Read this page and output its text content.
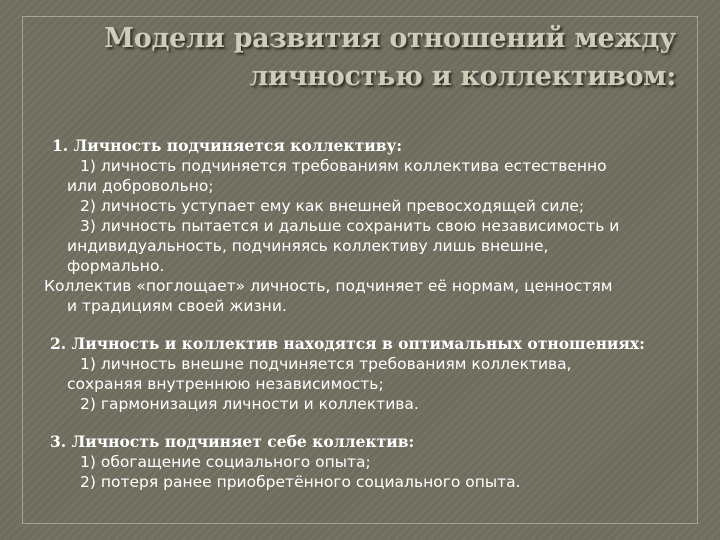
Модели развития отношений между
личностью и коллективом:
1. Личность подчиняется коллективу:
1) личность подчиняется требованиям коллектива естественно
или добровольно;
2) личность уступает ему как внешней превосходящей силе;
3) личность пытается и дальше сохранить свою независимость и
индивидуальность, подчиняясь коллективу лишь внешне,
формально.
Коллектив «поглощает» личность, подчиняет её нормам, ценностям
и традициям своей жизни.
2. Личность и коллектив находятся в оптимальных отношениях:
1) личность внешне подчиняется требованиям коллектива,
сохраняя внутреннюю независимость;
2) гармонизация личности и коллектива.
3. Личность подчиняет себе коллектив:
1) обогащение социального опыта;
2) потеря ранее приобретённого социального опыта.
